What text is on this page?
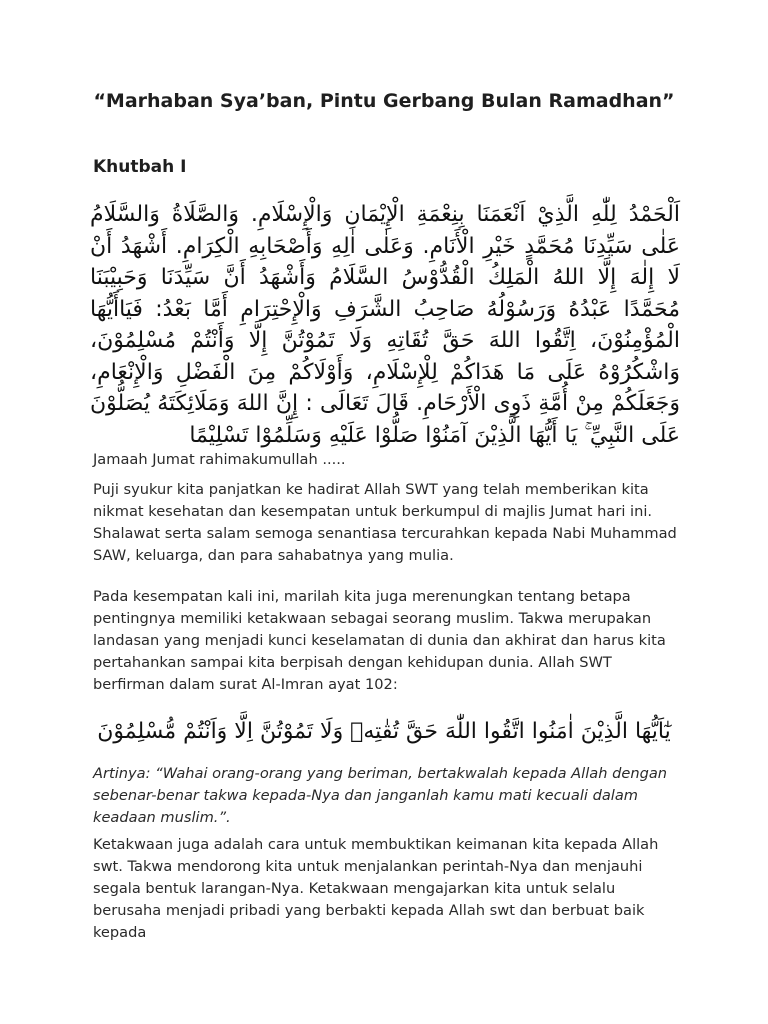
“Marhaban Sya’ban, Pintu Gerbang Bulan Ramadhan”
Khutbah I
اَلْحَمْدُ لِلّٰهِ الَّذِيْ اَنْعَمَنَا بِنِعْمَةِ الْإِيْمَانِ وَالْإِسْلَامِ. وَالصَّلَاةُ وَالسَّلَامُ عَلٰى سَيِّدِنَا مُحَمَّدٍ خَيْرِ الْأَنَامِ. وَعَلٰى اٰلِهِ وَأَصْحَابِهِ الْكِرَامِ. أَشْهَدُ أَنْ لَا إِلٰهَ إِلَّا اللهُ الْمَلِكُ الْقُدُّوْسُ السَّلَامُ وَأَشْهَدُ أَنَّ سَيِّدَنَا وَحَبِيْبَنَا مُحَمَّدًا عَبْدُهُ وَرَسُوْلُهُ صَاحِبُ الشَّرَفِ وَالْإِحْتِرَامِ أَمَّا بَعْدُ: فَيَاأَيُّهَا الْمُؤْمِنُوْنَ، اِتَّقُوا اللهَ حَقَّ تُقَاتِهِ وَلَا تَمُوْتُنَّ إِلَّا وَأَنْتُمْ مُسْلِمُوْنَ، وَاشْكُرُوْهُ عَلَى مَا هَدَاكُمْ لِلْإِسْلَامِ، وَأَوْلَاكُمْ مِنَ الْفَضْلِ وَالْإِنْعَامِ، وَجَعَلَكُمْ مِنْ أُمَّةِ ذَوِى الْأَرْحَامِ. قَالَ تَعَالَى : إِنَّ اللهَ وَمَلَائِكَتَهُ يُصَلُّوْنَ عَلَى النَّبِيِّ ۚ يَا أَيُّهَا الَّذِيْنَ آمَنُوْا صَلُّوْا عَلَيْهِ وَسَلِّمُوْا تَسْلِيْمًا
Jamaah Jumat rahimakumullah .....
Puji syukur kita panjatkan ke hadirat Allah SWT yang telah memberikan kita nikmat kesehatan dan kesempatan untuk berkumpul di majlis Jumat hari ini. Shalawat serta salam semoga senantiasa tercurahkan kepada Nabi Muhammad SAW, keluarga, dan para sahabatnya yang mulia.
Pada kesempatan kali ini, marilah kita juga merenungkan tentang betapa pentingnya memiliki ketakwaan sebagai seorang muslim. Takwa merupakan landasan yang menjadi kunci keselamatan di dunia dan akhirat dan harus kita pertahankan sampai kita berpisah dengan kehidupan dunia. Allah SWT berfirman dalam surat Al-Imran ayat 102:
يٰٓاَيُّهَا الَّذِيْنَ اٰمَنُوا اتَّقُوا اللّٰهَ حَقَّ تُقٰتِهٖ وَلَا تَمُوْتُنَّ اِلَّا وَاَنْتُمْ مُّسْلِمُوْنَ
Artinya: “Wahai orang-orang yang beriman, bertakwalah kepada Allah dengan sebenar-benar takwa kepada-Nya dan janganlah kamu mati kecuali dalam keadaan muslim.”.
Ketakwaan juga adalah cara untuk membuktikan keimanan kita kepada Allah swt. Takwa mendorong kita untuk menjalankan perintah-Nya dan menjauhi segala bentuk larangan-Nya. Ketakwaan mengajarkan kita untuk selalu berusaha menjadi pribadi yang berbakti kepada Allah swt dan berbuat baik kepada
